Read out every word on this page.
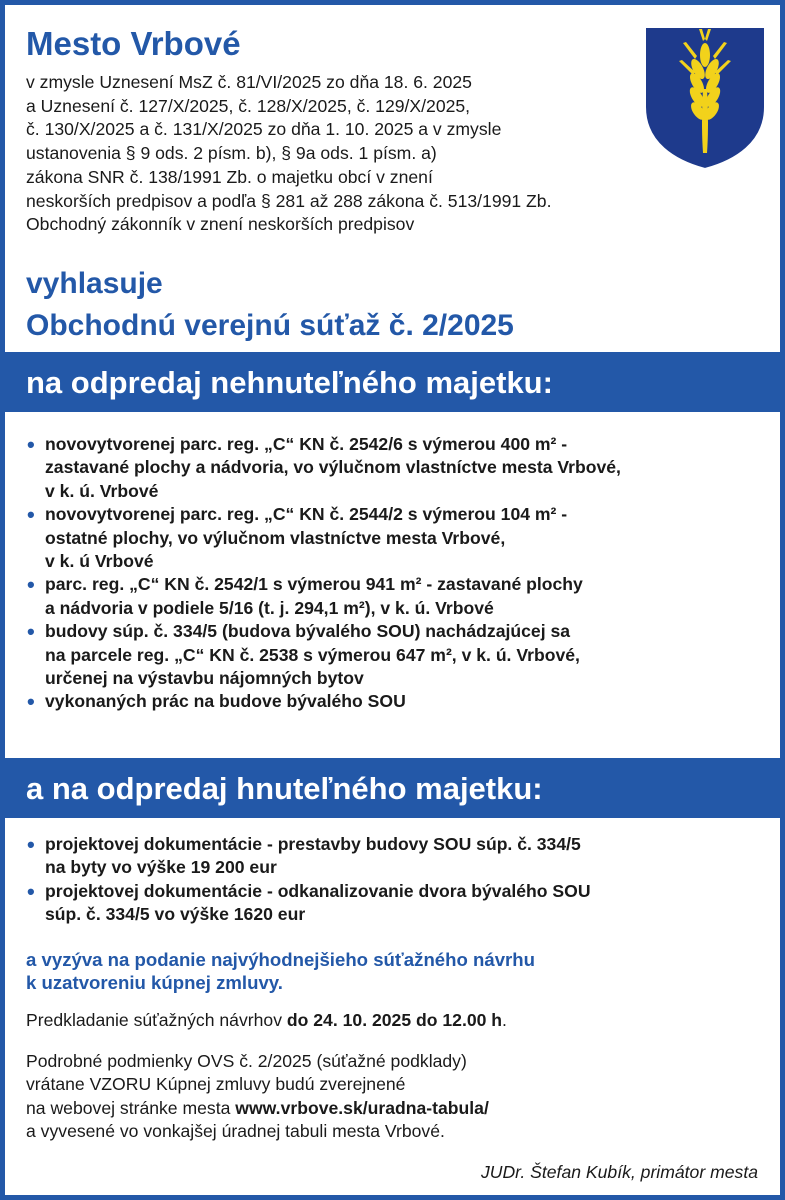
Mesto Vrbové
v zmysle Uznesení MsZ č. 81/VI/2025 zo dňa 18. 6. 2025
a Uznesení č. 127/X/2025, č. 128/X/2025, č. 129/X/2025,
č. 130/X/2025 a č. 131/X/2025 zo dňa 1. 10. 2025 a v zmysle
ustanovenia § 9 ods. 2 písm. b), § 9a ods. 1 písm. a)
zákona SNR č. 138/1991 Zb. o majetku obcí v znení
neskorších predpisov a podľa § 281 až 288 zákona č. 513/1991 Zb.
Obchodný zákonník v znení neskorších predpisov
vyhlasuje
Obchodnú verejnú súťaž č. 2/2025
na odpredaj nehnuteľného majetku:
• novovytvorenej parc. reg. „C“ KN č. 2542/6 s výmerou 400 m² -
zastavané plochy a nádvoria, vo výlučnom vlastníctve mesta Vrbové,
v k. ú. Vrbové
• novovytvorenej parc. reg. „C“ KN č. 2544/2 s výmerou 104 m² -
ostatné plochy, vo výlučnom vlastníctve mesta Vrbové,
v k. ú Vrbové
• parc. reg. „C“ KN č. 2542/1 s výmerou 941 m² - zastavané plochy
a nádvoria v podiele 5/16 (t. j. 294,1 m²), v k. ú. Vrbové
• budovy súp. č. 334/5 (budova bývalého SOU) nachádzajúcej sa
na parcele reg. „C“ KN č. 2538 s výmerou 647 m², v k. ú. Vrbové,
určenej na výstavbu nájomných bytov
• vykonaných prác na budove bývalého SOU
a na odpredaj hnuteľného majetku:
• projektovej dokumentácie - prestavby budovy SOU súp. č. 334/5
na byty vo výške 19 200 eur
• projektovej dokumentácie - odkanalizovanie dvora bývalého SOU
súp. č. 334/5 vo výške 1620 eur
a vyzýva na podanie najvýhodnejšieho súťažného návrhu
k uzatvoreniu kúpnej zmluvy.
Predkladanie súťažných návrhov do 24. 10. 2025 do 12.00 h.
Podrobné podmienky OVS č. 2/2025 (súťažné podklady)
vrátane VZORU Kúpnej zmluvy budú zverejnené
na webovej stránke mesta www.vrbove.sk/uradna-tabula/
a vyvesené vo vonkajšej úradnej tabuli mesta Vrbové.
JUDr. Štefan Kubík, primátor mesta
